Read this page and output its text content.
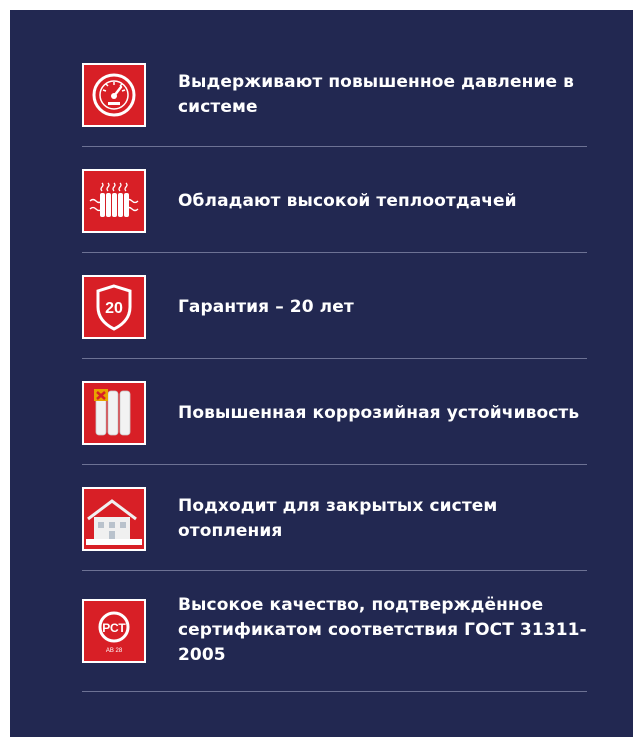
Выдерживают повышенное давление в системе
Обладают высокой теплоотдачей
20	Гарантия – 20 лет
Повышенная коррозийная устойчивость
Подходит для закрытых систем отопления
РСТ
АВ 28
Высокое качество, подтверждённое сертификатом соответствия ГОСТ 31311-2005
